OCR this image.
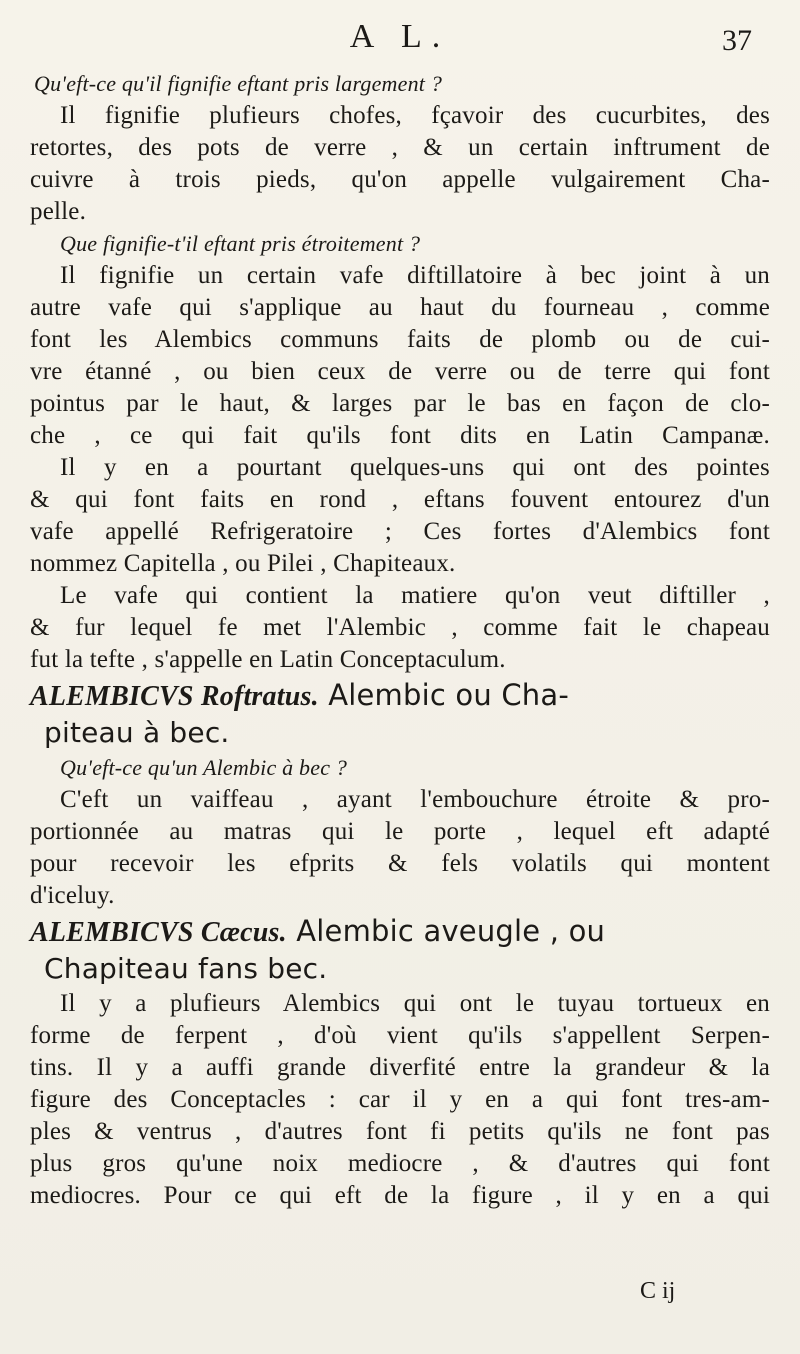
A L.	37
Qu'eft-ce qu'il fignifie eftant pris largement ?
Il fignifie plufieurs chofes, fçavoir des cucurbites, des
retortes, des pots de verre , & un certain inftrument de
cuivre à trois pieds, qu'on appelle vulgairement Cha-
pelle.
Que fignifie-t'il eftant pris étroitement ?
Il fignifie un certain vafe diftillatoire à bec joint à un
autre vafe qui s'applique au haut du fourneau , comme
font les Alembics communs faits de plomb ou de cui-
vre étanné , ou bien ceux de verre ou de terre qui font
pointus par le haut, & larges par le bas en façon de clo-
che , ce qui fait qu'ils font dits en Latin Campanæ.
Il y en a pourtant quelques-uns qui ont des pointes
& qui font faits en rond , eftans fouvent entourez d'un
vafe appellé Refrigeratoire ; Ces fortes d'Alembics font
nommez Capitella , ou Pilei , Chapiteaux.
Le vafe qui contient la matiere qu'on veut diftiller ,
& fur lequel fe met l'Alembic , comme fait le chapeau
fut la tefte , s'appelle en Latin Conceptaculum.
ALEMBICVS Roftratus. Alembic ou Cha-
piteau à bec.
Qu'eft-ce qu'un Alembic à bec ?
C'eft un vaiffeau , ayant l'embouchure étroite & pro-
portionnée au matras qui le porte , lequel eft adapté
pour recevoir les efprits & fels volatils qui montent
d'iceluy.
ALEMBICVS Cæcus. Alembic aveugle , ou
Chapiteau fans bec.
Il y a plufieurs Alembics qui ont le tuyau tortueux en
forme de ferpent , d'où vient qu'ils s'appellent Serpen-
tins. Il y a auffi grande diverfité entre la grandeur & la
figure des Conceptacles : car il y en a qui font tres-am-
ples & ventrus , d'autres font fi petits qu'ils ne font pas
plus gros qu'une noix mediocre , & d'autres qui font
mediocres. Pour ce qui eft de la figure , il y en a qui
C ij
